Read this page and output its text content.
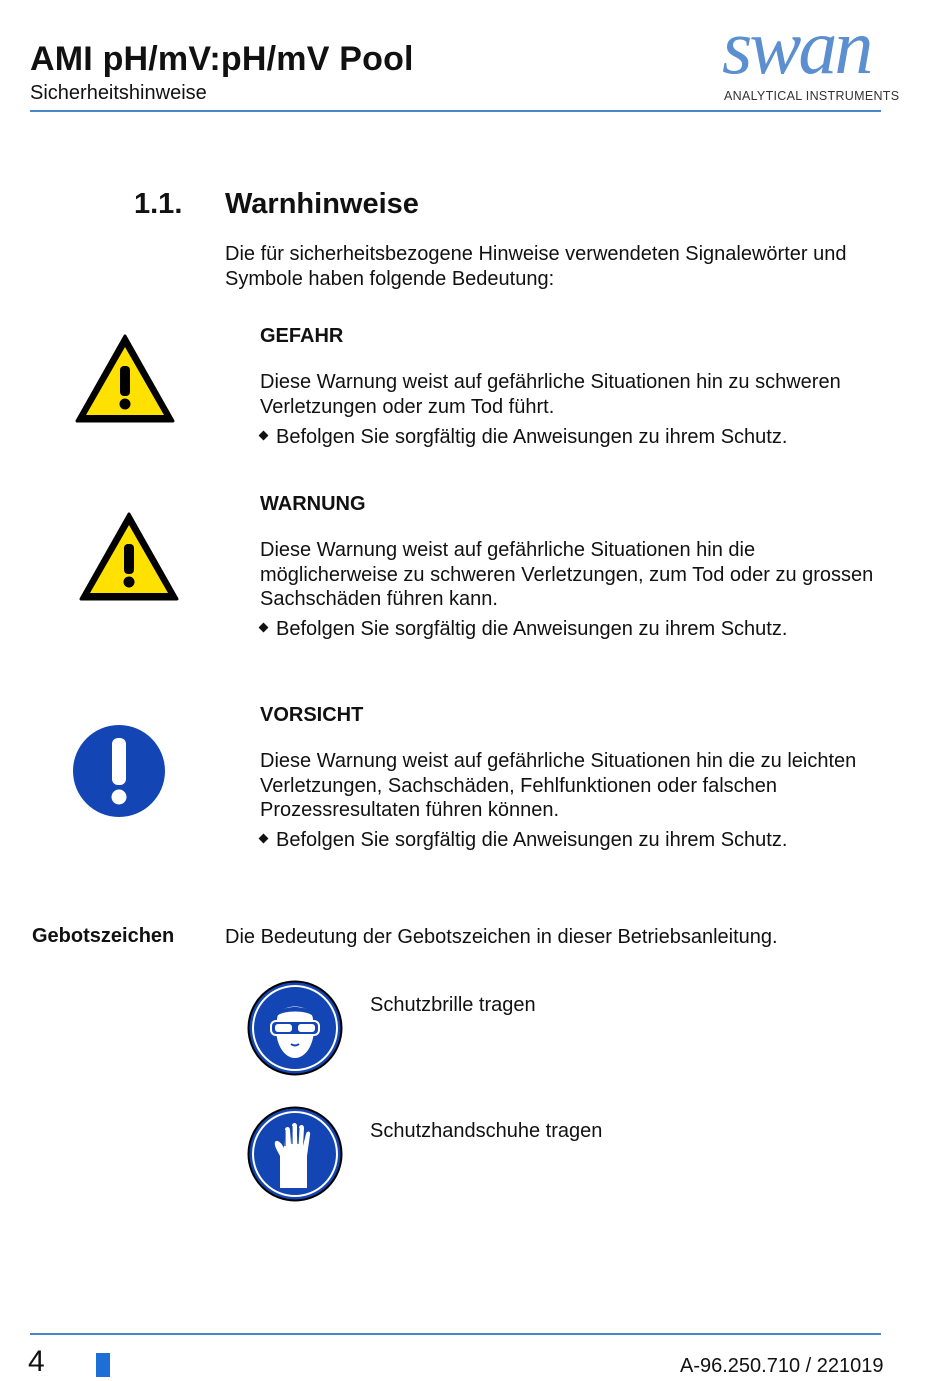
AMI pH/mV:pH/mV Pool
Sicherheitshinweise
swan
ANALYTICAL INSTRUMENTS
1.1. Warnhinweise
Die für sicherheitsbezogene Hinweise verwendeten Signalewörter und Symbole haben folgende Bedeutung:
GEFAHR
Diese Warnung weist auf gefährliche Situationen hin zu schweren Verletzungen oder zum Tod führt.
Befolgen Sie sorgfältig die Anweisungen zu ihrem Schutz.
WARNUNG
Diese Warnung weist auf gefährliche Situationen hin die möglicherweise zu schweren Verletzungen, zum Tod oder zu grossen Sachschäden führen kann.
Befolgen Sie sorgfältig die Anweisungen zu ihrem Schutz.
VORSICHT
Diese Warnung weist auf gefährliche Situationen hin die zu leichten Verletzungen, Sachschäden, Fehlfunktionen oder falschen Prozessresultaten führen können.
Befolgen Sie sorgfältig die Anweisungen zu ihrem Schutz.
Gebotszeichen	Die Bedeutung der Gebotszeichen in dieser Betriebsanleitung.
Schutzbrille tragen
Schutzhandschuhe tragen
4	A-96.250.710 / 221019
